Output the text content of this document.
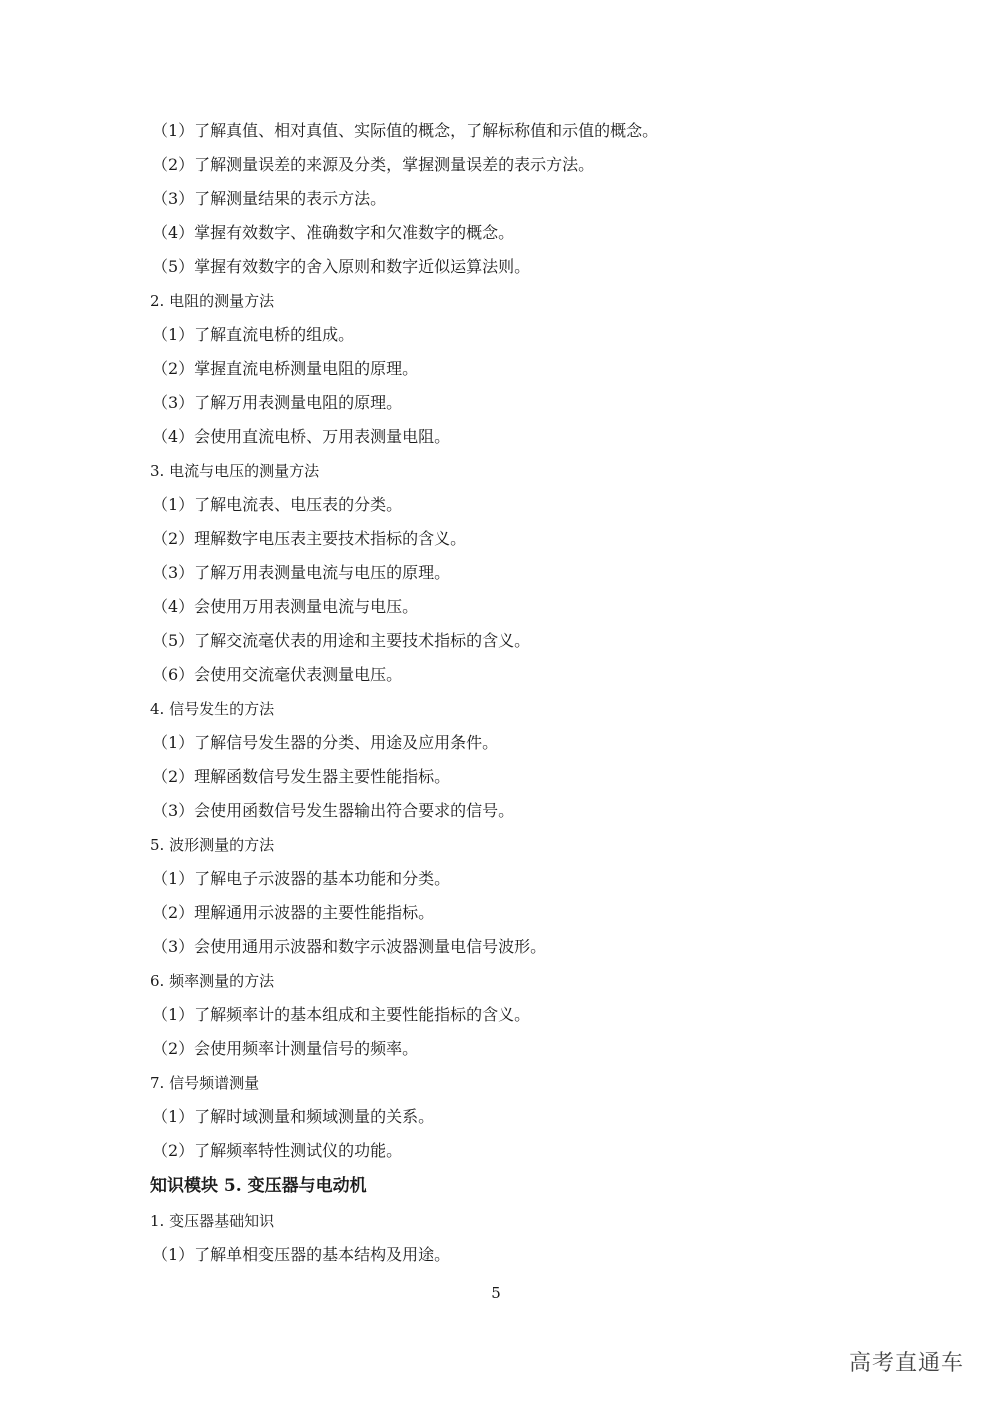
（1）了解真值、相对真值、实际值的概念，了解标称值和示值的概念。
（2）了解测量误差的来源及分类，掌握测量误差的表示方法。
（3）了解测量结果的表示方法。
（4）掌握有效数字、准确数字和欠准数字的概念。
（5）掌握有效数字的舍入原则和数字近似运算法则。
2. 电阻的测量方法
（1）了解直流电桥的组成。
（2）掌握直流电桥测量电阻的原理。
（3）了解万用表测量电阻的原理。
（4）会使用直流电桥、万用表测量电阻。
3. 电流与电压的测量方法
（1）了解电流表、电压表的分类。
（2）理解数字电压表主要技术指标的含义。
（3）了解万用表测量电流与电压的原理。
（4）会使用万用表测量电流与电压。
（5）了解交流毫伏表的用途和主要技术指标的含义。
（6）会使用交流毫伏表测量电压。
4. 信号发生的方法
（1）了解信号发生器的分类、用途及应用条件。
（2）理解函数信号发生器主要性能指标。
（3）会使用函数信号发生器输出符合要求的信号。
5. 波形测量的方法
（1）了解电子示波器的基本功能和分类。
（2）理解通用示波器的主要性能指标。
（3）会使用通用示波器和数字示波器测量电信号波形。
6. 频率测量的方法
（1）了解频率计的基本组成和主要性能指标的含义。
（2）会使用频率计测量信号的频率。
7. 信号频谱测量
（1）了解时域测量和频域测量的关系。
（2）了解频率特性测试仪的功能。
知识模块 5. 变压器与电动机
1. 变压器基础知识
（1）了解单相变压器的基本结构及用途。
5
高考直通车
